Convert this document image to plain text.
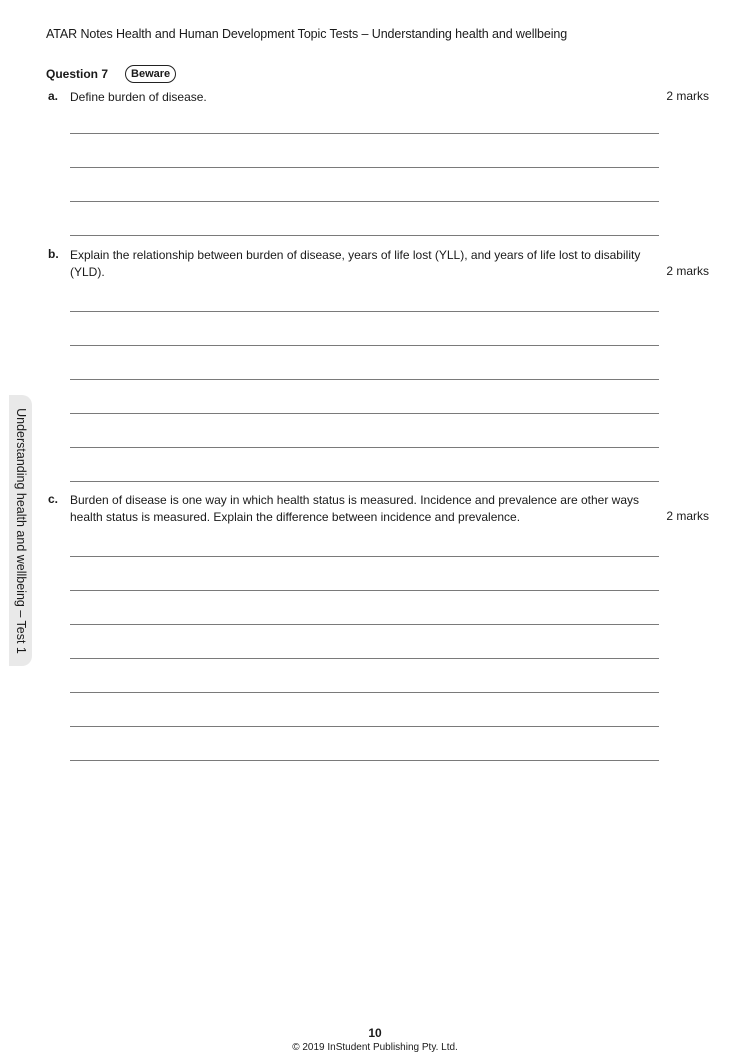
ATAR Notes Health and Human Development Topic Tests – Understanding health and wellbeing
Question 7	Beware
a. Define burden of disease.	2 marks
b. Explain the relationship between burden of disease, years of life lost (YLL), and years of life lost to disability (YLD).	2 marks
c. Burden of disease is one way in which health status is measured. Incidence and prevalence are other ways health status is measured. Explain the difference between incidence and prevalence.	2 marks
Understanding health and wellbeing – Test 1
10
© 2019 InStudent Publishing Pty. Ltd.
